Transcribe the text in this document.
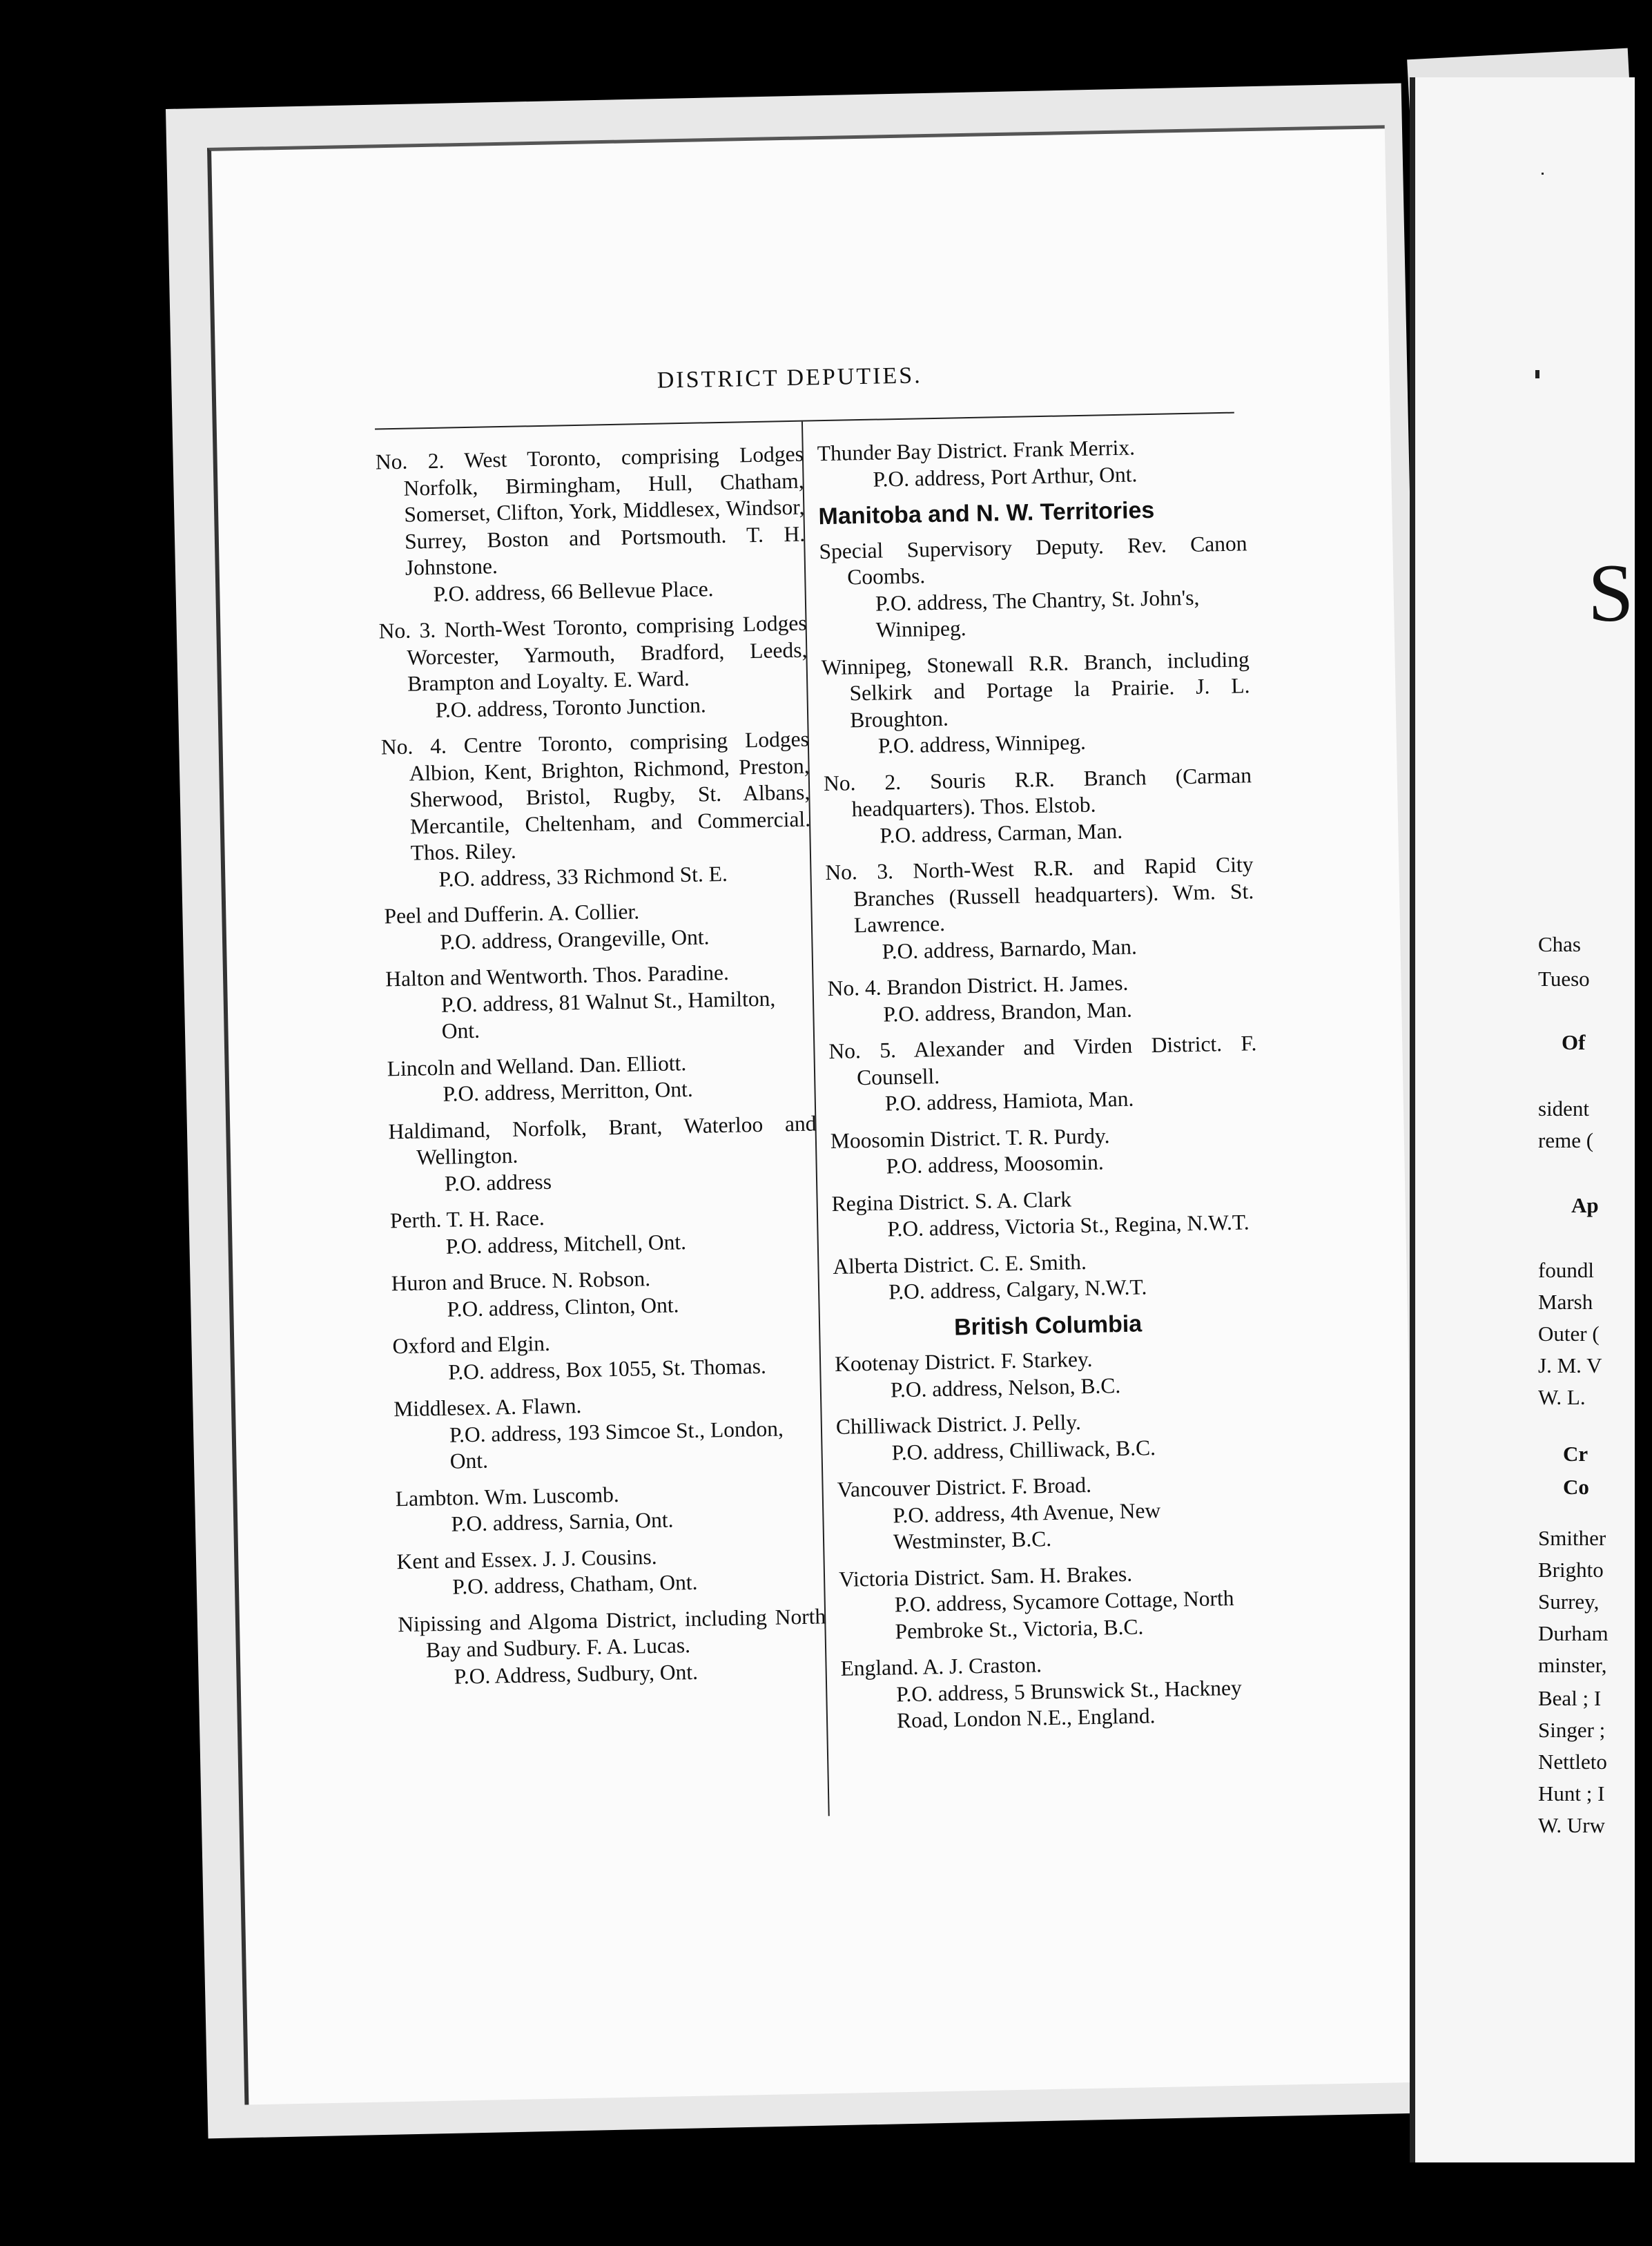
DISTRICT DEPUTIES.

No. 2. West Toronto, comprising Lodges Norfolk, Birmingham, Hull, Chatham, Somerset, Clifton, York, Middlesex, Windsor, Surrey, Boston and Portsmouth. T. H. Johnstone.

P.O. address, 66 Bellevue Place.

No. 3. North-West Toronto, comprising Lodges Worcester, Yarmouth, Bradford, Leeds, Brampton and Loyalty. E. Ward.

P.O. address, Toronto Junction.

No. 4. Centre Toronto, comprising Lodges Albion, Kent, Brighton, Richmond, Preston, Sherwood, Bristol, Rugby, St. Albans, Mercantile, Cheltenham, and Commercial. Thos. Riley.

P.O. address, 33 Richmond St. E.

Peel and Dufferin. A. Collier.

P.O. address, Orangeville, Ont.

Halton and Wentworth. Thos. Paradine.

P.O. address, 81 Walnut St., Hamilton, Ont.

Lincoln and Welland. Dan. Elliott.

P.O. address, Merritton, Ont.

Haldimand, Norfolk, Brant, Waterloo and Wellington.

P.O. address

Perth. T. H. Race.

P.O. address, Mitchell, Ont.

Huron and Bruce. N. Robson.

P.O. address, Clinton, Ont.

Oxford and Elgin.

P.O. address, Box 1055, St. Thomas.

Middlesex. A. Flawn.

P.O. address, 193 Simcoe St., London, Ont.

Lambton. Wm. Luscomb.

P.O. address, Sarnia, Ont.

Kent and Essex. J. J. Cousins.

P.O. address, Chatham, Ont.

Nipissing and Algoma District, including North Bay and Sudbury. F. A. Lucas.

P.O. Address, Sudbury, Ont.

Thunder Bay District. Frank Merrix.

P.O. address, Port Arthur, Ont.

Manitoba and N. W. Territories

Special Supervisory Deputy. Rev. Canon Coombs.

P.O. address, The Chantry, St. John's, Winnipeg.

Winnipeg, Stonewall R.R. Branch, including Selkirk and Portage la Prairie. J. L. Broughton.

P.O. address, Winnipeg.

No. 2. Souris R.R. Branch (Carman headquarters). Thos. Elstob.

P.O. address, Carman, Man.

No. 3. North-West R.R. and Rapid City Branches (Russell headquarters). Wm. St. Lawrence.

P.O. address, Barnardo, Man.

No. 4. Brandon District. H. James.

P.O. address, Brandon, Man.

No. 5. Alexander and Virden District. F. Counsell.

P.O. address, Hamiota, Man.

Moosomin District. T. R. Purdy.

P.O. address, Moosomin.

Regina District. S. A. Clark

P.O. address, Victoria St., Regina, N.W.T.

Alberta District. C. E. Smith.

P.O. address, Calgary, N.W.T.

British Columbia

Kootenay District. F. Starkey.

P.O. address, Nelson, B.C.

Chilliwack District. J. Pelly.

P.O. address, Chilliwack, B.C.

Vancouver District. F. Broad.

P.O. address, 4th Avenue, New Westminster, B.C.

Victoria District. Sam. H. Brakes.

P.O. address, Sycamore Cottage, North Pembroke St., Victoria, B.C.

England. A. J. Craston.

P.O. address, 5 Brunswick St., Hackney Road, London N.E., England.

S
Chas
Tueso
Of
sident
reme (
Ap
foundl
Marsh
Outer (
J. M. V
W. L.
Cr
Co
Smither
Brighto
Surrey,
Durham
minster,
Beal ; I
Singer ;
Nettleto
Hunt ; I
W. Urw
